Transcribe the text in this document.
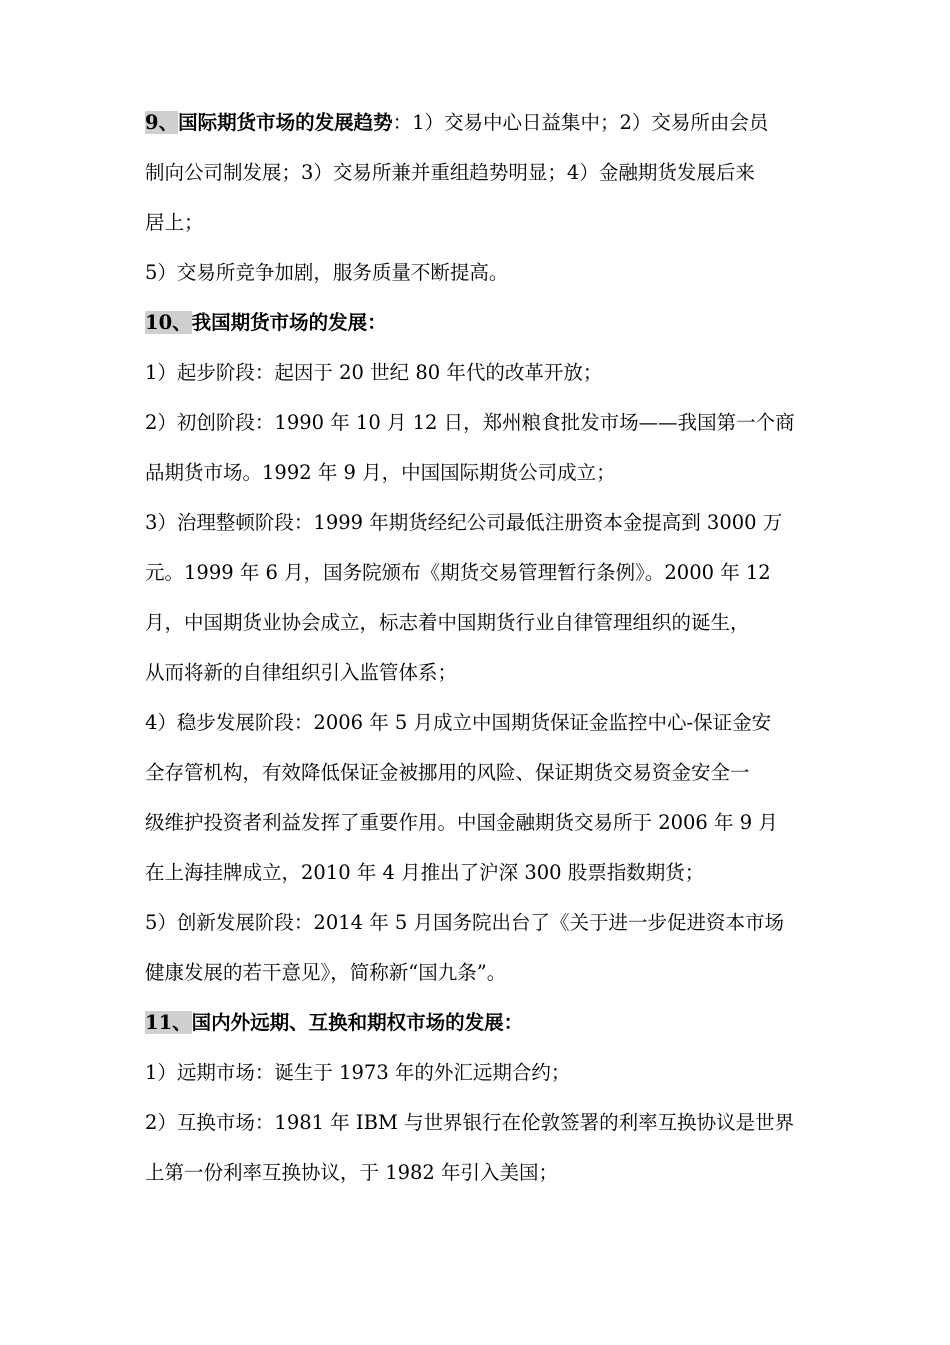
9、国际期货市场的发展趋势：1）交易中心日益集中；2）交易所由会员
制向公司制发展；3）交易所兼并重组趋势明显；4）金融期货发展后来
居上；
5）交易所竞争加剧，服务质量不断提高。
10、我国期货市场的发展：
1）起步阶段：起因于 20 世纪 80 年代的改革开放；
2）初创阶段：1990 年 10 月 12 日，郑州粮食批发市场——我国第一个商
品期货市场。1992 年 9 月，中国国际期货公司成立；
3）治理整顿阶段：1999 年期货经纪公司最低注册资本金提高到 3000 万
元。1999 年 6 月，国务院颁布《期货交易管理暂行条例》。2000 年 12
月，中国期货业协会成立，标志着中国期货行业自律管理组织的诞生，
从而将新的自律组织引入监管体系；
4）稳步发展阶段：2006 年 5 月成立中国期货保证金监控中心-保证金安
全存管机构，有效降低保证金被挪用的风险、保证期货交易资金安全一
级维护投资者利益发挥了重要作用。中国金融期货交易所于 2006 年 9 月
在上海挂牌成立，2010 年 4 月推出了沪深 300 股票指数期货；
5）创新发展阶段：2014 年 5 月国务院出台了《关于进一步促进资本市场
健康发展的若干意见》，简称新“国九条”。
11、国内外远期、互换和期权市场的发展：
1）远期市场：诞生于 1973 年的外汇远期合约；
2）互换市场：1981 年 IBM 与世界银行在伦敦签署的利率互换协议是世界
上第一份利率互换协议，于 1982 年引入美国；
